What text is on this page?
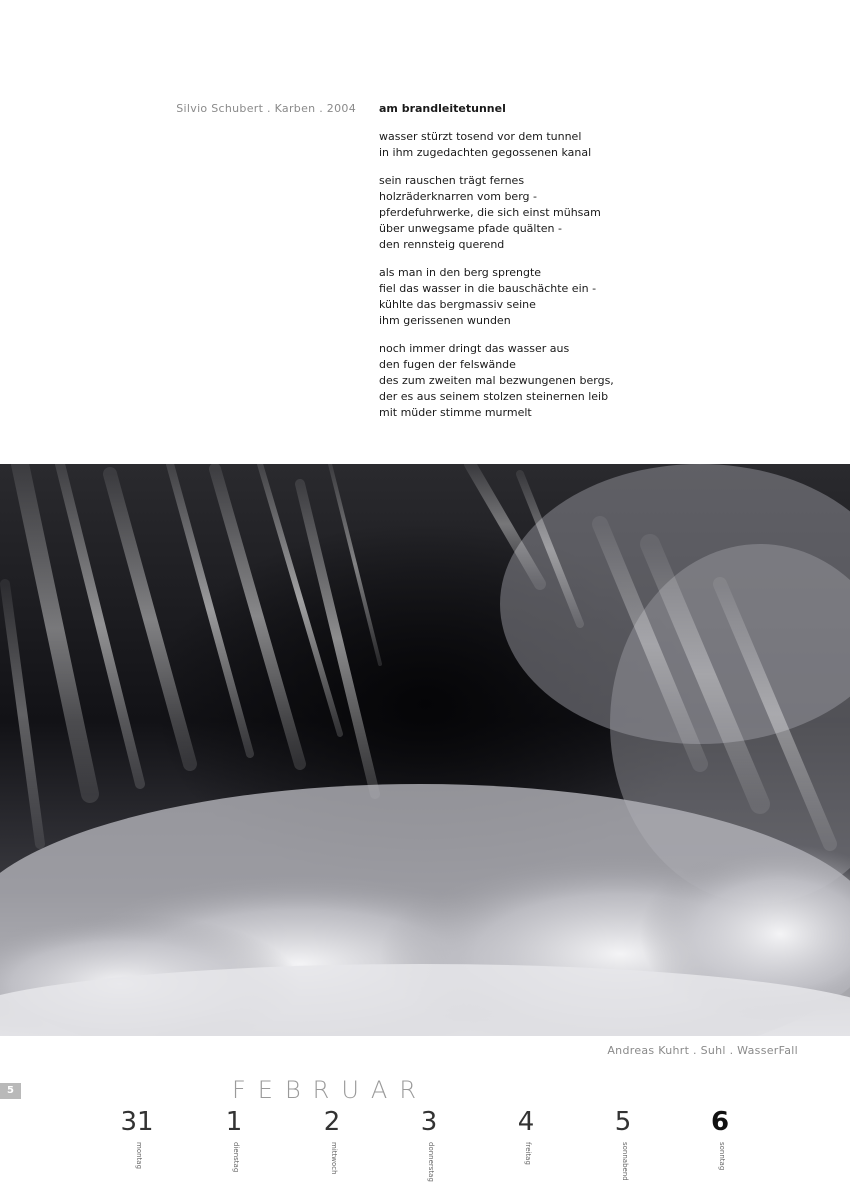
Silvio Schubert . Karben . 2004 am brandleitetunnel
wasser stürzt tosend vor dem tunnel
in ihm zugedachten gegossenen kanal
sein rauschen trägt fernes
holzräderknarren vom berg -
pferdefuhrwerke, die sich einst mühsam
über unwegsame pfade quälten -
den rennsteig querend
als man in den berg sprengte
fiel das wasser in die bauschächte ein -
kühlte das bergmassiv seine
ihm gerissenen wunden
noch immer dringt das wasser aus
den fugen der felswände
des zum zweiten mal bezwungenen bergs,
der es aus seinem stolzen steinernen leib
mit müder stimme murmelt
Andreas Kuhrt . Suhl . WasserFall
5	FEBRUAR
31
montag
1
dienstag
2
mittwoch
3
donnerstag
4
freitag
5
sonnabend
6
sonntag
